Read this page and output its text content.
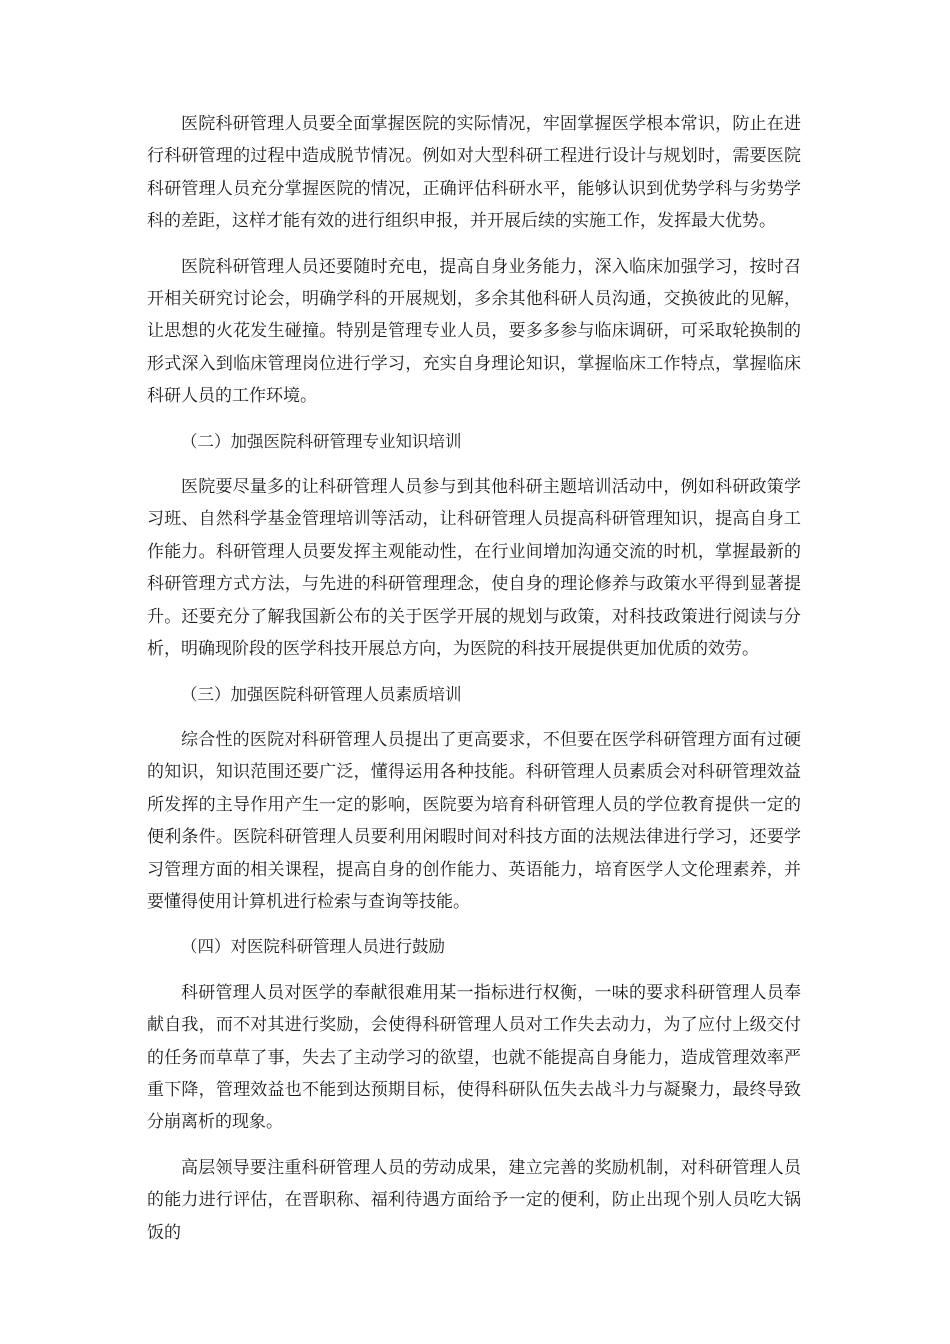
医院科研管理人员要全面掌握医院的实际情况，牢固掌握医学根本常识，防止在进行科研管理的过程中造成脱节情况。例如对大型科研工程进行设计与规划时，需要医院科研管理人员充分掌握医院的情况，正确评估科研水平，能够认识到优势学科与劣势学科的差距，这样才能有效的进行组织申报，并开展后续的实施工作，发挥最大优势。

医院科研管理人员还要随时充电，提高自身业务能力，深入临床加强学习，按时召开相关研究讨论会，明确学科的开展规划，多余其他科研人员沟通，交换彼此的见解，让思想的火花发生碰撞。特别是管理专业人员，要多多参与临床调研，可采取轮换制的形式深入到临床管理岗位进行学习，充实自身理论知识，掌握临床工作特点，掌握临床科研人员的工作环境。

（二）加强医院科研管理专业知识培训

医院要尽量多的让科研管理人员参与到其他科研主题培训活动中，例如科研政策学习班、自然科学基金管理培训等活动，让科研管理人员提高科研管理知识，提高自身工作能力。科研管理人员要发挥主观能动性，在行业间增加沟通交流的时机，掌握最新的科研管理方式方法，与先进的科研管理理念，使自身的理论修养与政策水平得到显著提升。还要充分了解我国新公布的关于医学开展的规划与政策，对科技政策进行阅读与分析，明确现阶段的医学科技开展总方向，为医院的科技开展提供更加优质的效劳。

（三）加强医院科研管理人员素质培训

综合性的医院对科研管理人员提出了更高要求，不但要在医学科研管理方面有过硬的知识，知识范围还要广泛，懂得运用各种技能。科研管理人员素质会对科研管理效益所发挥的主导作用产生一定的影响，医院要为培育科研管理人员的学位教育提供一定的便利条件。医院科研管理人员要利用闲暇时间对科技方面的法规法律进行学习，还要学习管理方面的相关课程，提高自身的创作能力、英语能力，培育医学人文伦理素养，并要懂得使用计算机进行检索与查询等技能。

（四）对医院科研管理人员进行鼓励

科研管理人员对医学的奉献很难用某一指标进行权衡，一味的要求科研管理人员奉献自我，而不对其进行奖励，会使得科研管理人员对工作失去动力，为了应付上级交付的任务而草草了事，失去了主动学习的欲望，也就不能提高自身能力，造成管理效率严重下降，管理效益也不能到达预期目标，使得科研队伍失去战斗力与凝聚力，最终导致分崩离析的现象。

高层领导要注重科研管理人员的劳动成果，建立完善的奖励机制，对科研管理人员的能力进行评估，在晋职称、福利待遇方面给予一定的便利，防止出现个别人员吃大锅饭的
